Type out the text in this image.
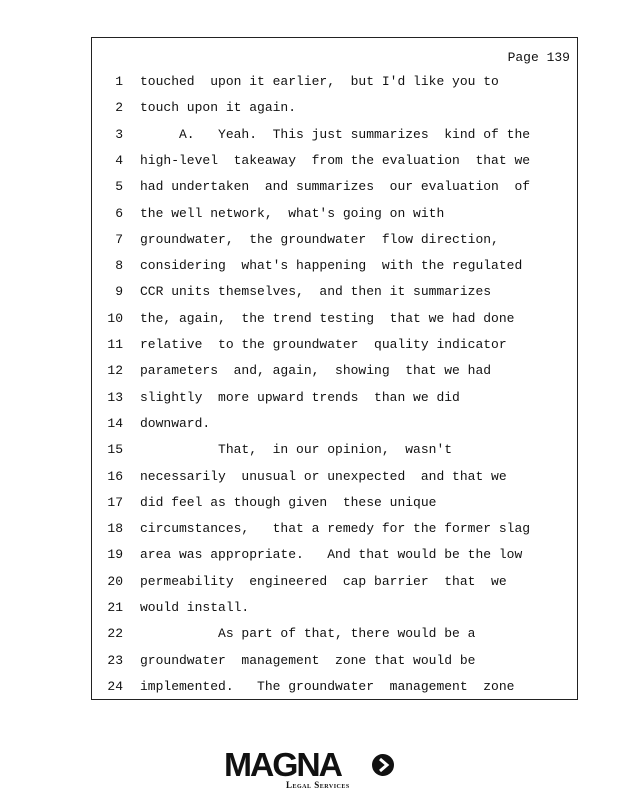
Page 139
1 touched  upon it earlier,  but I'd like you to
2 touch upon it again.
3 A.   Yeah.  This just summarizes  kind of the
4 high-level  takeaway  from the evaluation  that we
5 had undertaken  and summarizes  our evaluation  of
6 the well network,  what's going on with
7 groundwater,  the groundwater  flow direction,
8 considering  what's happening  with the regulated
9 CCR units themselves,  and then it summarizes
10 the, again,  the trend testing  that we had done
11 relative  to the groundwater  quality indicator
12 parameters  and, again,  showing  that we had
13 slightly  more upward trends  than we did
14 downward.
15 That,  in our opinion,  wasn't
16 necessarily  unusual or unexpected  and that we
17 did feel as though given  these unique
18 circumstances,   that a remedy for the former slag
19 area was appropriate.   And that would be the low
20 permeability  engineered  cap barrier  that  we
21 would install.
22 As part of that, there would be a
23 groundwater  management  zone that would be
24 implemented.   The groundwater  management  zone
MAGNA
Legal Services
